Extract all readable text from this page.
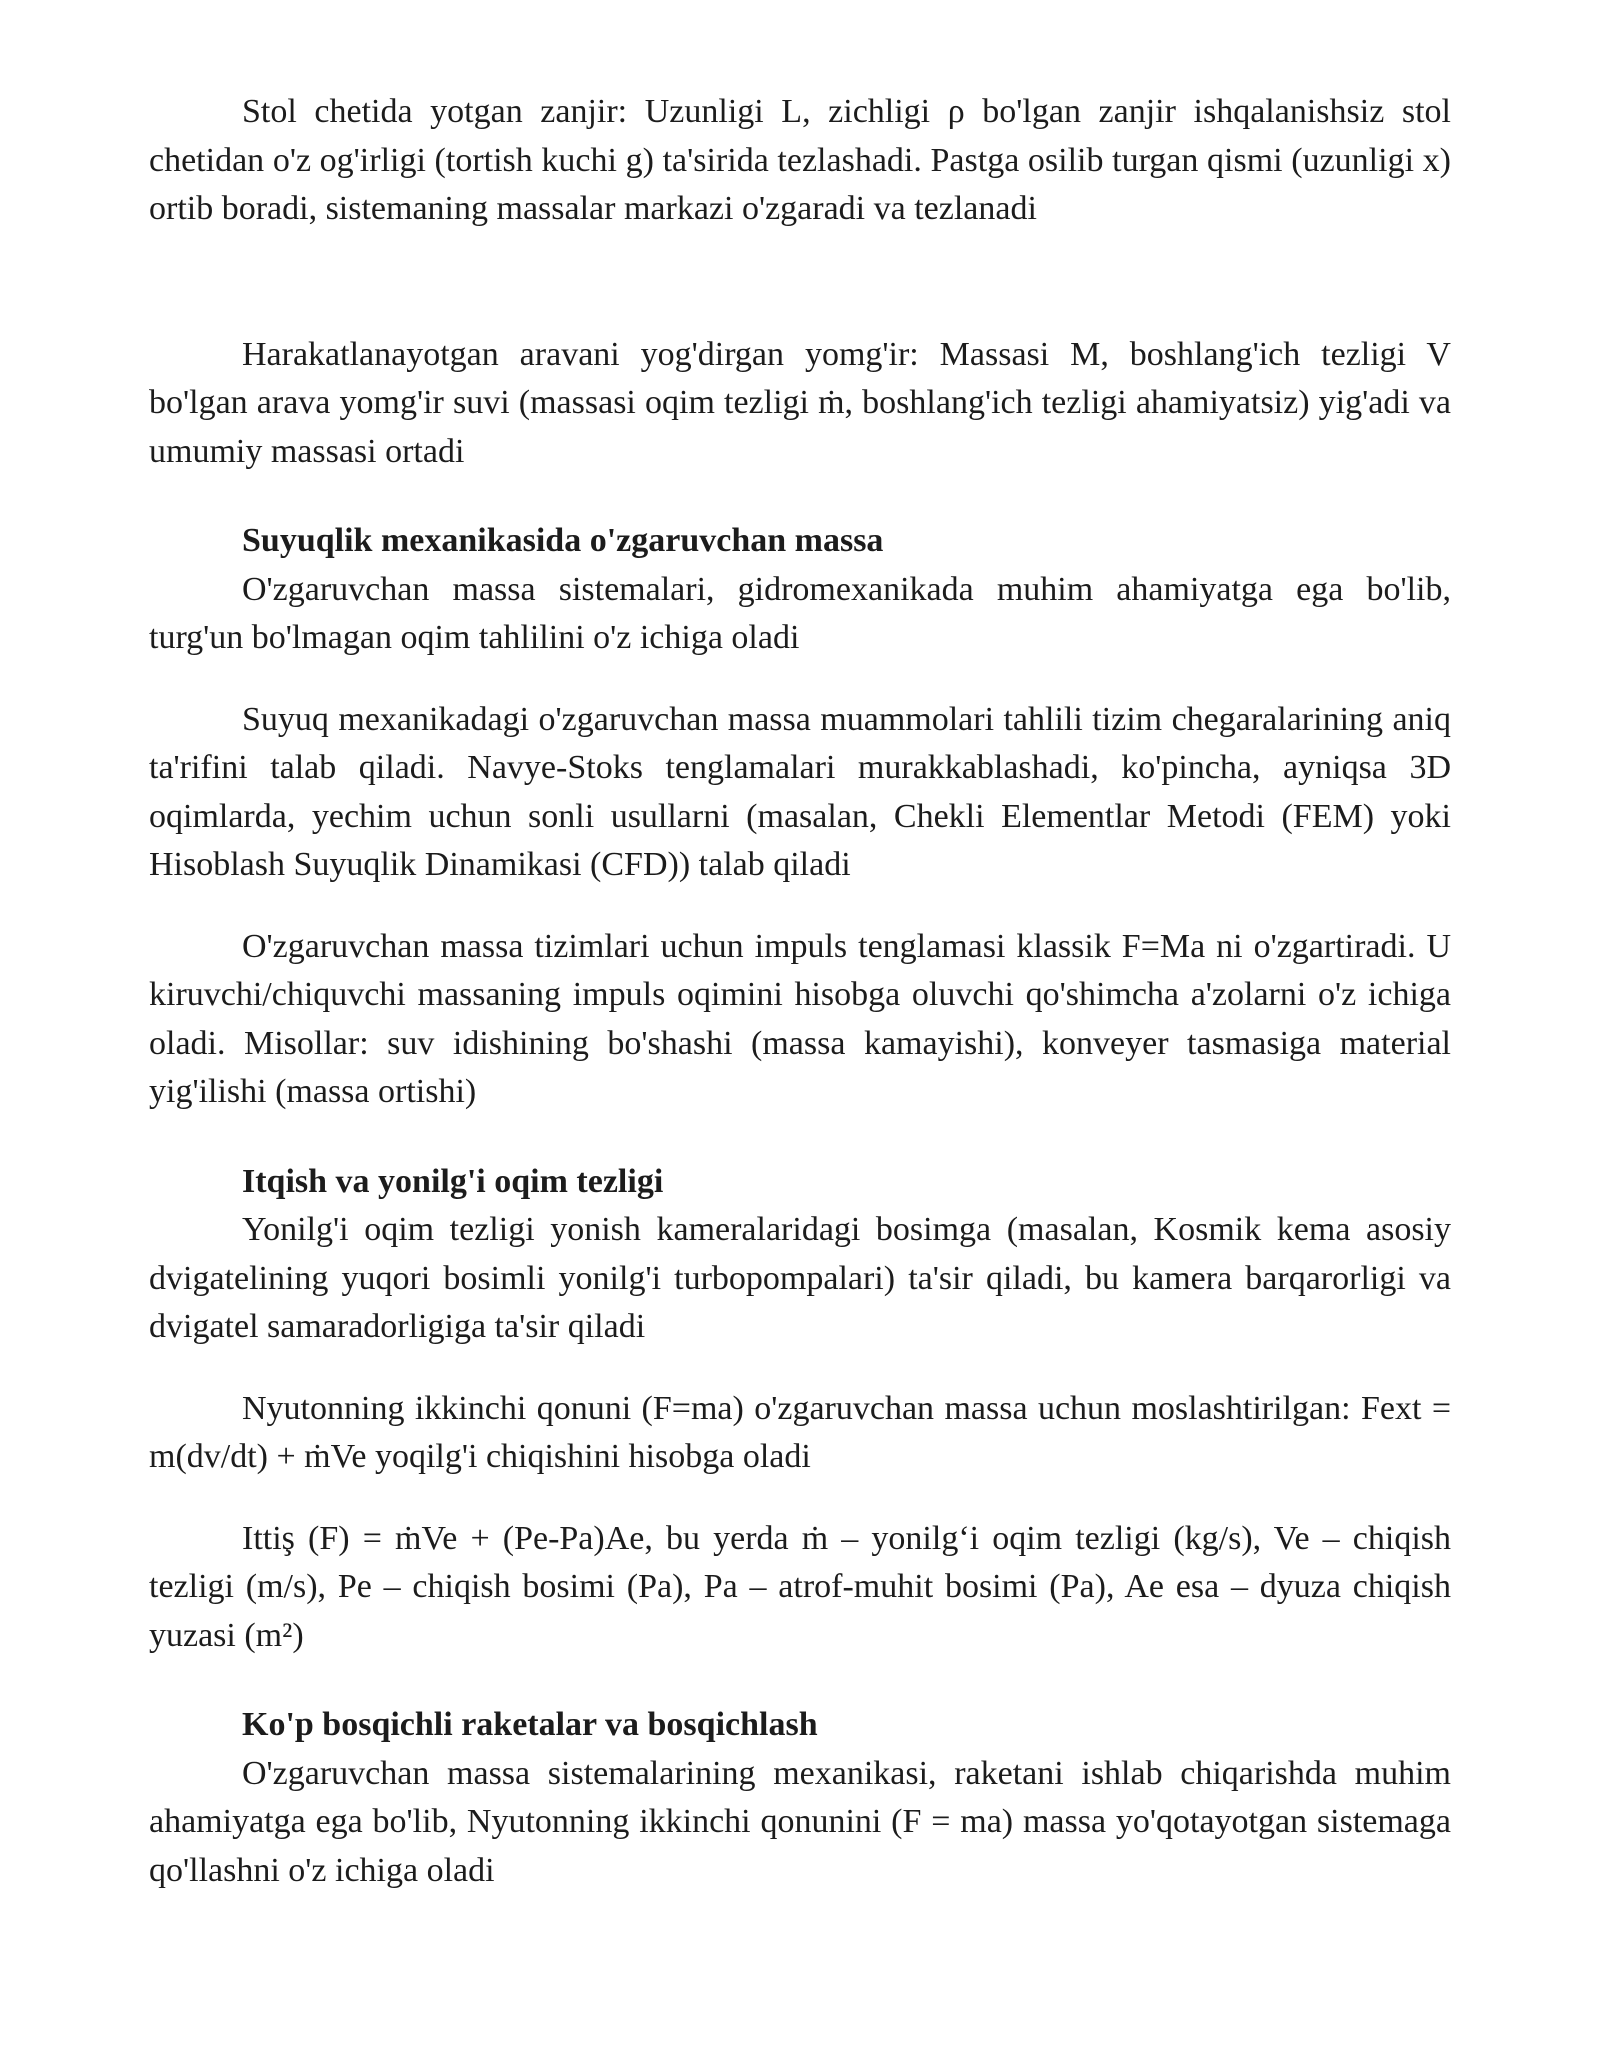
Stol chetida yotgan zanjir: Uzunligi L, zichligi ρ bo'lgan zanjir ishqalanishsiz stol chetidan o'z og'irligi (tortish kuchi g) ta'sirida tezlashadi. Pastga osilib turgan qismi (uzunligi x) ortib boradi, sistemaning massalar markazi o'zgaradi va tezlanadi

Harakatlanayotgan aravani yog'dirgan yomg'ir: Massasi M, boshlang'ich tezligi V bo'lgan arava yomg'ir suvi (massasi oqim tezligi ṁ, boshlang'ich tezligi ahamiyatsiz) yig'adi va umumiy massasi ortadi

Suyuqlik mexanikasida o'zgaruvchan massa

O'zgaruvchan massa sistemalari, gidromexanikada muhim ahamiyatga ega bo'lib, turg'un bo'lmagan oqim tahlilini o'z ichiga oladi

Suyuq mexanikadagi o'zgaruvchan massa muammolari tahlili tizim chegaralarining aniq ta'rifini talab qiladi. Navye-Stoks tenglamalari murakkablashadi, ko'pincha, ayniqsa 3D oqimlarda, yechim uchun sonli usullarni (masalan, Chekli Elementlar Metodi (FEM) yoki Hisoblash Suyuqlik Dinamikasi (CFD)) talab qiladi

O'zgaruvchan massa tizimlari uchun impuls tenglamasi klassik F=Ma ni o'zgartiradi. U kiruvchi/chiquvchi massaning impuls oqimini hisobga oluvchi qo'shimcha a'zolarni o'z ichiga oladi. Misollar: suv idishining bo'shashi (massa kamayishi), konveyer tasmasiga material yig'ilishi (massa ortishi)

Itqish va yonilg'i oqim tezligi

Yonilg'i oqim tezligi yonish kameralaridagi bosimga (masalan, Kosmik kema asosiy dvigatelining yuqori bosimli yonilg'i turbopompalari) ta'sir qiladi, bu kamera barqarorligi va dvigatel samaradorligiga ta'sir qiladi

Nyutonning ikkinchi qonuni (F=ma) o'zgaruvchan massa uchun moslashtirilgan: Fext = m(dv/dt) + ṁVe yoqilg'i chiqishini hisobga oladi

Ittiş (F) = ṁVe + (Pe-Pa)Ae, bu yerda ṁ – yonilg‘i oqim tezligi (kg/s), Ve – chiqish tezligi (m/s), Pe – chiqish bosimi (Pa), Pa – atrof-muhit bosimi (Pa), Ae esa – dyuza chiqish yuzasi (m²)

Ko'p bosqichli raketalar va bosqichlash

O'zgaruvchan massa sistemalarining mexanikasi, raketani ishlab chiqarishda muhim ahamiyatga ega bo'lib, Nyutonning ikkinchi qonunini (F = ma) massa yo'qotayotgan sistemaga qo'llashni o'z ichiga oladi
